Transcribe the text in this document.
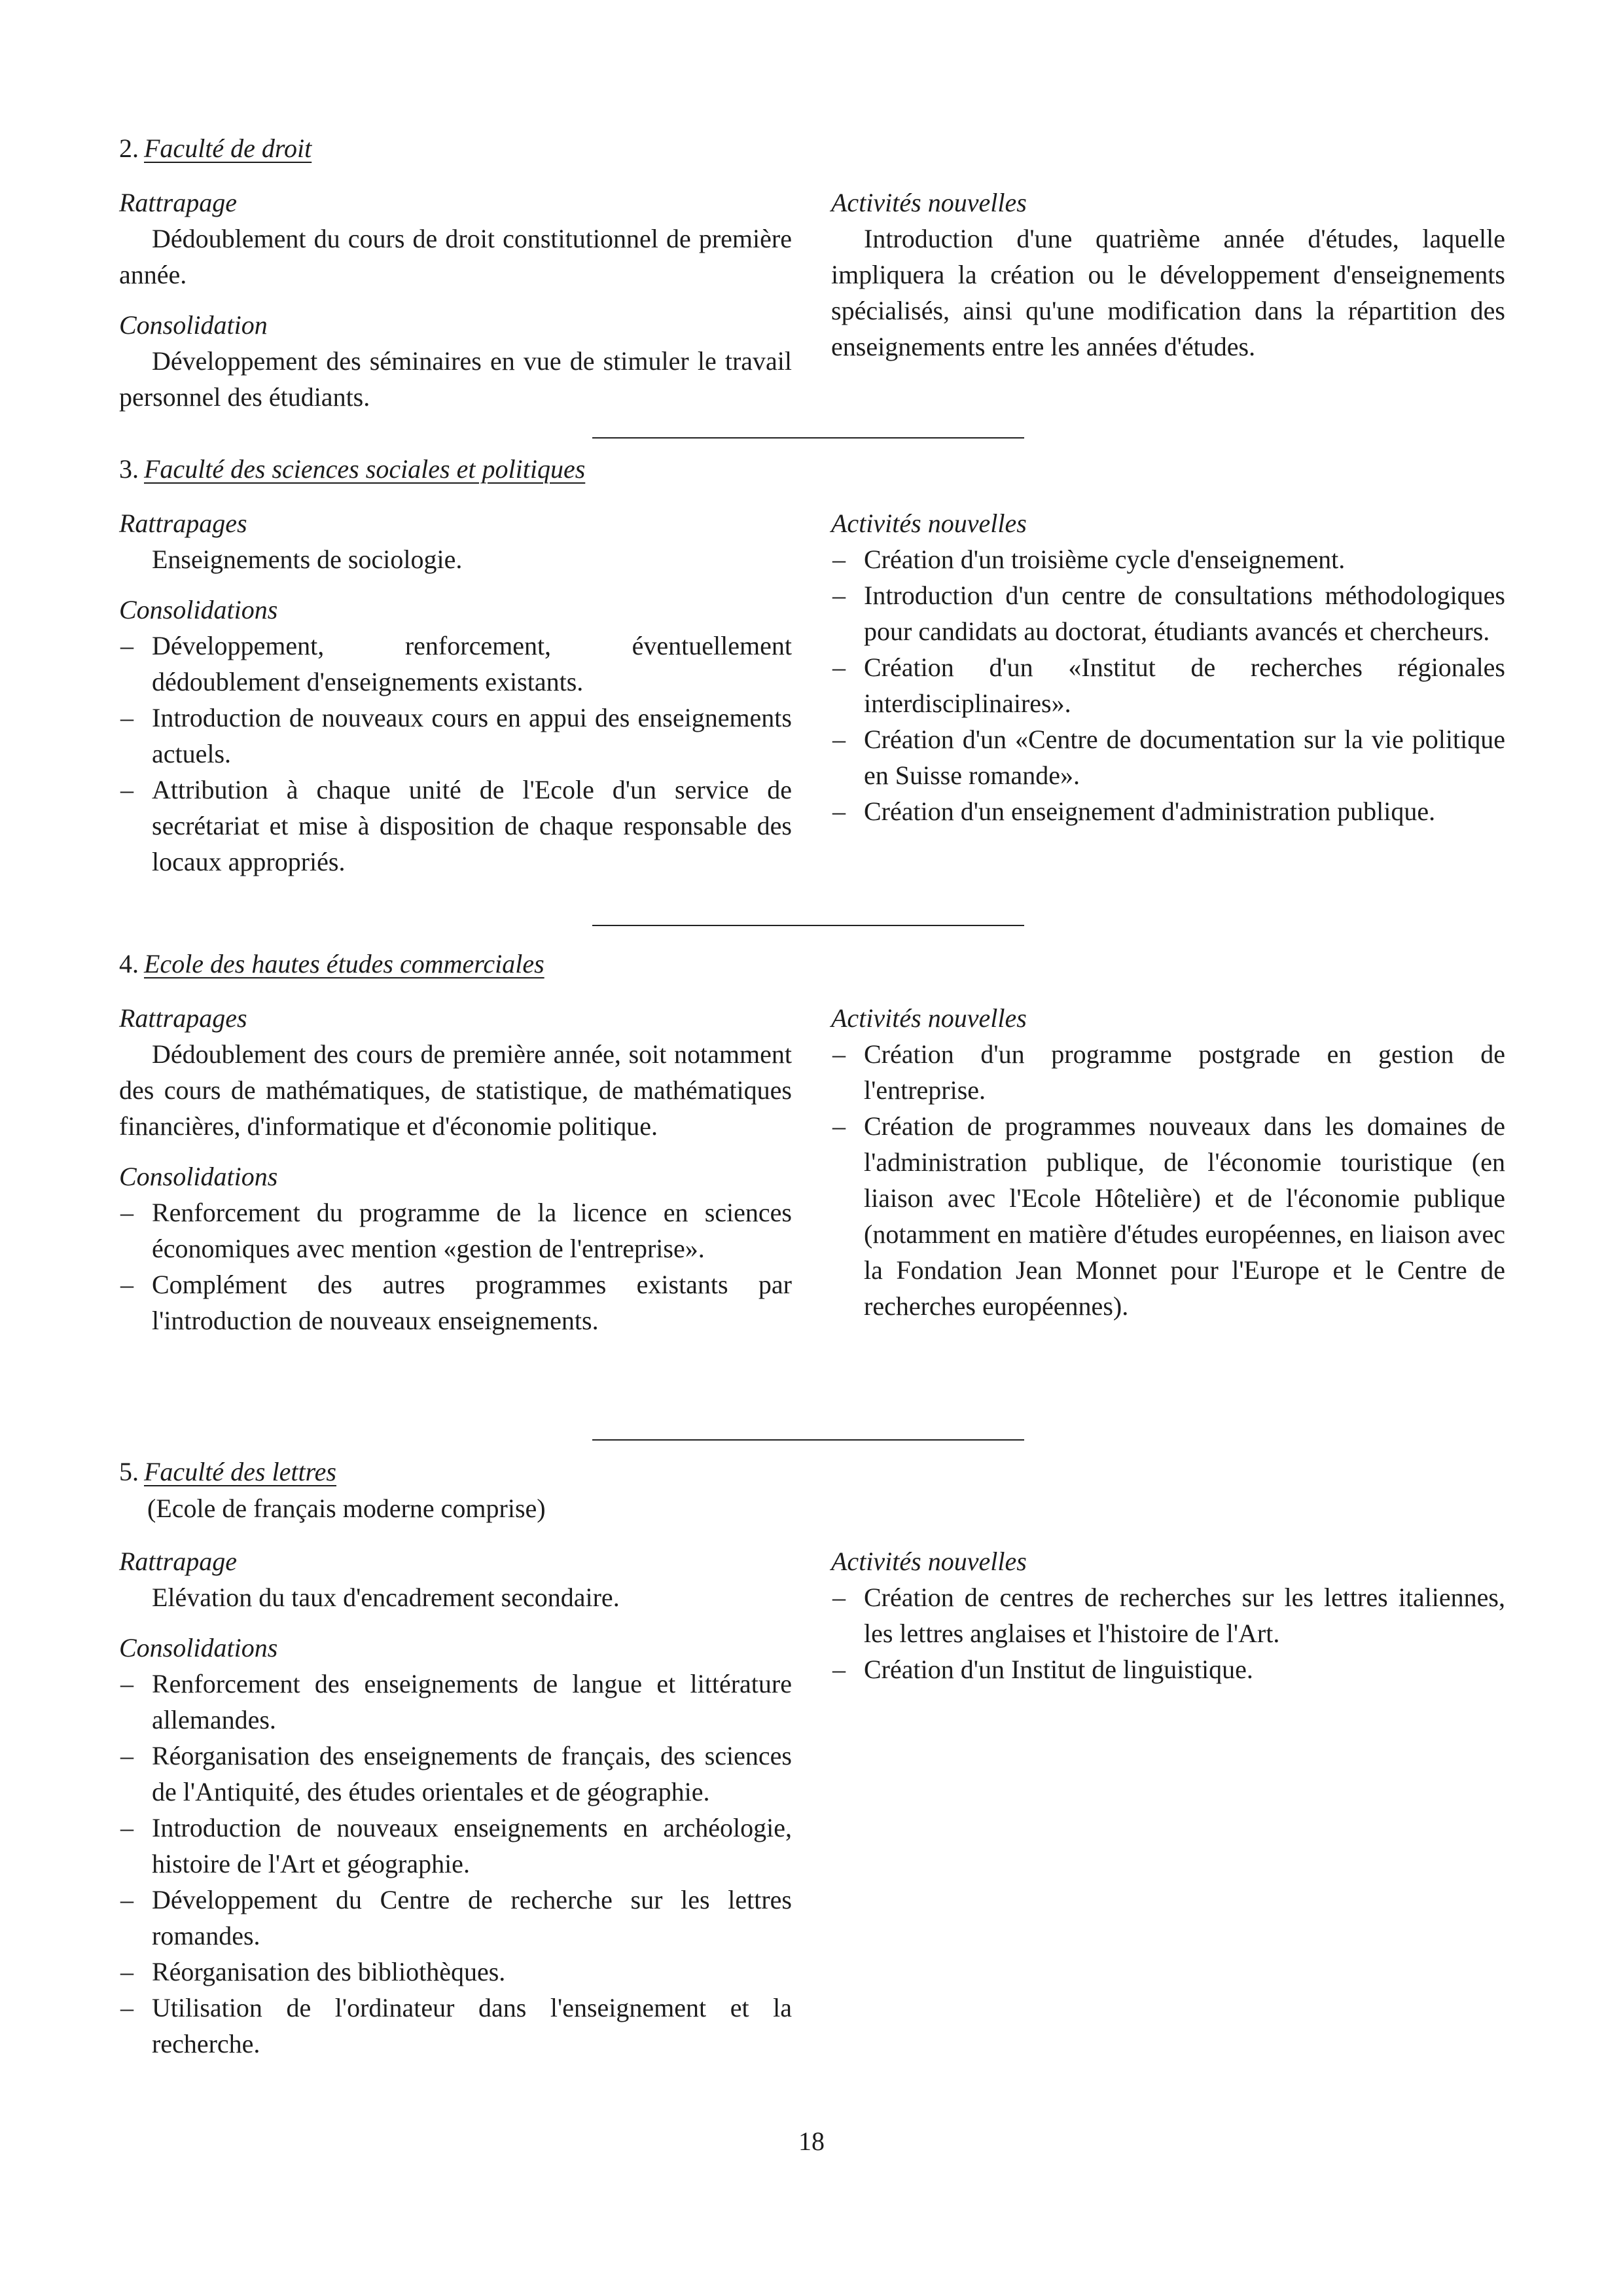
2. Faculté de droit

Rattrapage

Dédoublement du cours de droit constitutionnel de première année.

Consolidation

Développement des séminaires en vue de stimuler le travail personnel des étudiants.

Activités nouvelles

Introduction d'une quatrième année d'études, laquelle impliquera la création ou le développement d'enseignements spécialisés, ainsi qu'une modification dans la répartition des enseignements entre les années d'études.

3. Faculté des sciences sociales et politiques

Rattrapages

Enseignements de sociologie.

Consolidations

– Développement, renforcement, éventuellement dédoublement d'enseignements existants.
– Introduction de nouveaux cours en appui des enseignements actuels.
– Attribution à chaque unité de l'Ecole d'un service de secrétariat et mise à disposition de chaque responsable des locaux appropriés.

Activités nouvelles

– Création d'un troisième cycle d'enseignement.
– Introduction d'un centre de consultations méthodologiques pour candidats au doctorat, étudiants avancés et chercheurs.
– Création d'un «Institut de recherches régionales interdisciplinaires».
– Création d'un «Centre de documentation sur la vie politique en Suisse romande».
– Création d'un enseignement d'administration publique.
4. Ecole des hautes études commerciales

Rattrapages

Dédoublement des cours de première année, soit notamment des cours de mathématiques, de statistique, de mathématiques financières, d'informatique et d'économie politique.

Consolidations

– Renforcement du programme de la licence en sciences économiques avec mention «gestion de l'entreprise».
– Complément des autres programmes existants par l'introduction de nouveaux enseignements.

Activités nouvelles

– Création d'un programme postgrade en gestion de l'entreprise.
– Création de programmes nouveaux dans les domaines de l'administration publique, de l'économie touristique (en liaison avec l'Ecole Hôtelière) et de l'économie publique (notamment en matière d'études européennes, en liaison avec la Fondation Jean Monnet pour l'Europe et le Centre de recherches européennes).
5. Faculté des lettres
(Ecole de français moderne comprise)

Rattrapage

Elévation du taux d'encadrement secondaire.

Consolidations

– Renforcement des enseignements de langue et littérature allemandes.
– Réorganisation des enseignements de français, des sciences de l'Antiquité, des études orientales et de géographie.
– Introduction de nouveaux enseignements en archéologie, histoire de l'Art et géographie.
– Développement du Centre de recherche sur les lettres romandes.
– Réorganisation des bibliothèques.
– Utilisation de l'ordinateur dans l'enseignement et la recherche.

Activités nouvelles

– Création de centres de recherches sur les lettres italiennes, les lettres anglaises et l'histoire de l'Art.
– Création d'un Institut de linguistique.
18
